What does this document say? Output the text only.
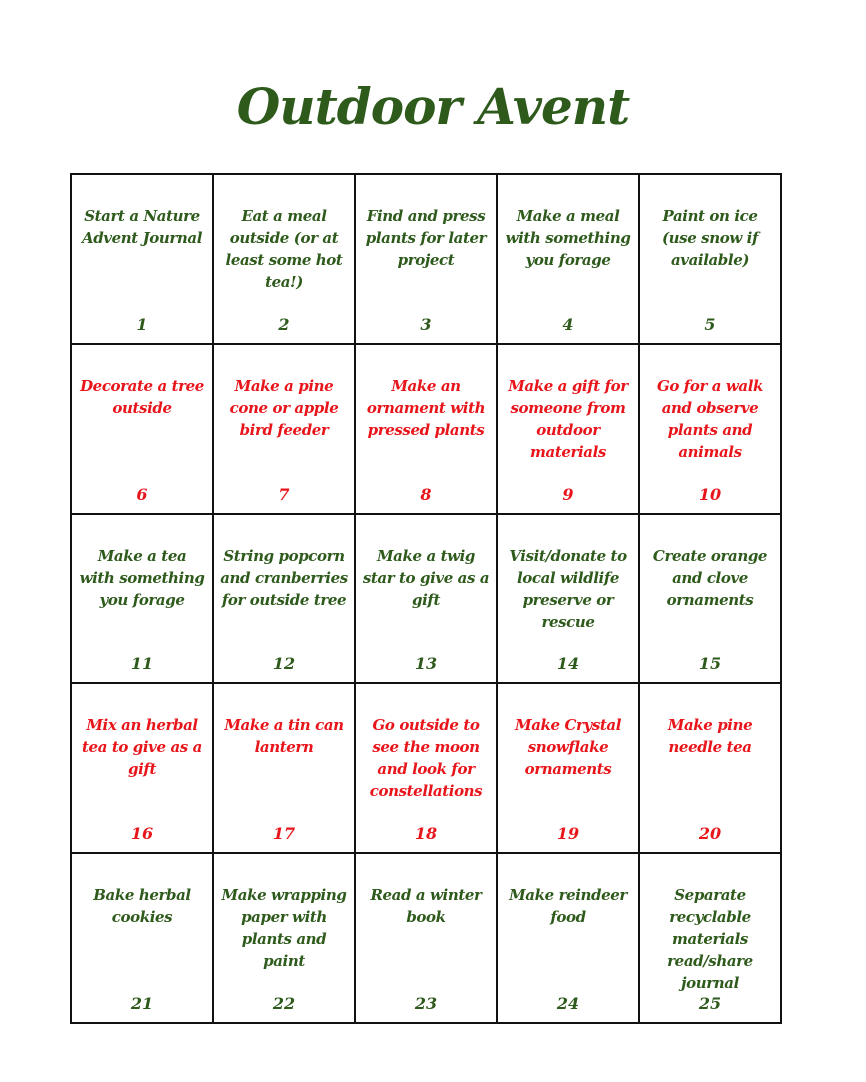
Outdoor Avent
Start a Nature Advent Journal
1
Eat a meal outside (or at least some hot tea!)
2
Find and press plants for later project
3
Make a meal with something you forage
4
Paint on ice (use snow if available)
5
Decorate a tree outside
6
Make a pine cone or apple bird feeder
7
Make an ornament with pressed plants
8
Make a gift for someone from outdoor materials
9
Go for a walk and observe plants and animals
10
Make a tea with something you forage
11
String popcorn and cranberries for outside tree
12
Make a twig star to give as a gift
13
Visit/donate to local wildlife preserve or rescue
14
Create orange and clove ornaments
15
Mix an herbal tea to give as a gift
16
Make a tin can lantern
17
Go outside to see the moon and look for constellations
18
Make Crystal snowflake ornaments
19
Make pine needle tea
20
Bake herbal cookies
21
Make wrapping paper with plants and paint
22
Read a winter book
23
Make reindeer food
24
Separate recyclable materials read/share journal
25
